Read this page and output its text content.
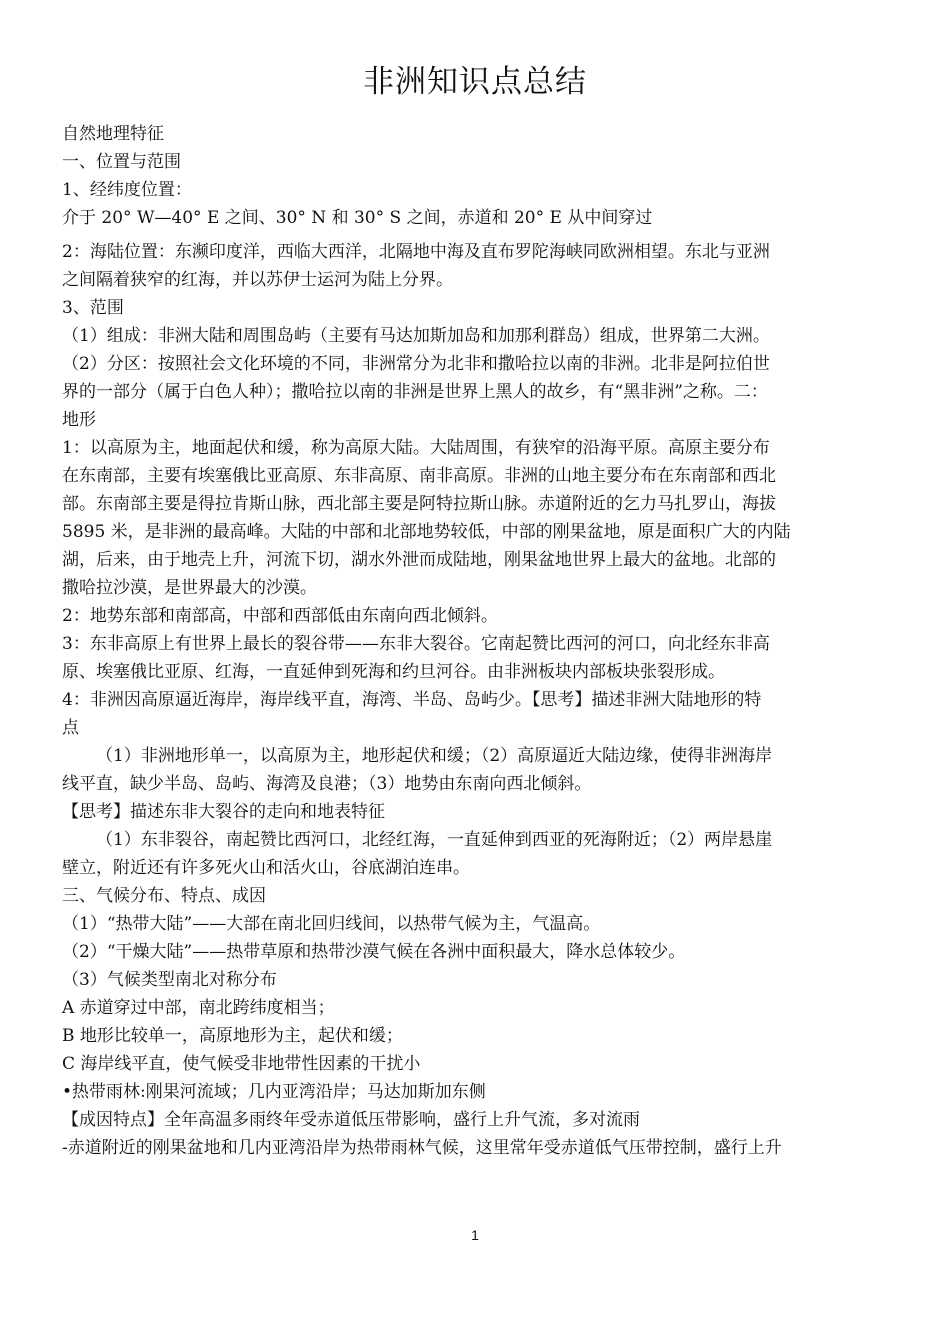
非洲知识点总结
自然地理特征
一、位置与范围
1、经纬度位置：
介于 20° W—40° E 之间、30° N 和 30° S 之间，赤道和 20° E 从中间穿过
2：海陆位置：东濒印度洋，西临大西洋，北隔地中海及直布罗陀海峡同欧洲相望。东北与亚洲
之间隔着狭窄的红海，并以苏伊士运河为陆上分界。
3、范围
（1）组成：非洲大陆和周围岛屿（主要有马达加斯加岛和加那利群岛）组成，世界第二大洲。
（2）分区：按照社会文化环境的不同，非洲常分为北非和撒哈拉以南的非洲。北非是阿拉伯世
界的一部分（属于白色人种）；撒哈拉以南的非洲是世界上黑人的故乡，有“黑非洲”之称。二：
地形
1：以高原为主，地面起伏和缓，称为高原大陆。大陆周围，有狭窄的沿海平原。高原主要分布
在东南部，主要有埃塞俄比亚高原、东非高原、南非高原。非洲的山地主要分布在东南部和西北
部。东南部主要是得拉肯斯山脉，西北部主要是阿特拉斯山脉。赤道附近的乞力马扎罗山，海拔
5895 米，是非洲的最高峰。大陆的中部和北部地势较低，中部的刚果盆地，原是面积广大的内陆
湖，后来，由于地壳上升，河流下切，湖水外泄而成陆地，刚果盆地世界上最大的盆地。北部的
撒哈拉沙漠，是世界最大的沙漠。
2：地势东部和南部高，中部和西部低由东南向西北倾斜。
3：东非高原上有世界上最长的裂谷带——东非大裂谷。它南起赞比西河的河口，向北经东非高
原、埃塞俄比亚原、红海，一直延伸到死海和约旦河谷。由非洲板块内部板块张裂形成。
4：非洲因高原逼近海岸，海岸线平直，海湾、半岛、岛屿少。【思考】描述非洲大陆地形的特
点
（1）非洲地形单一，以高原为主，地形起伏和缓；（2）高原逼近大陆边缘，使得非洲海岸
线平直，缺少半岛、岛屿、海湾及良港；（3）地势由东南向西北倾斜。
【思考】描述东非大裂谷的走向和地表特征
（1）东非裂谷，南起赞比西河口，北经红海，一直延伸到西亚的死海附近；（2）两岸悬崖
壁立，附近还有许多死火山和活火山，谷底湖泊连串。
三、气候分布、特点、成因
（1）“热带大陆”——大部在南北回归线间，以热带气候为主，气温高。
（2）“干燥大陆”——热带草原和热带沙漠气候在各洲中面积最大，降水总体较少。
（3）气候类型南北对称分布
A 赤道穿过中部，南北跨纬度相当；
B 地形比较单一，高原地形为主，起伏和缓；
C 海岸线平直，使气候受非地带性因素的干扰小
•热带雨林:刚果河流域；几内亚湾沿岸；马达加斯加东侧
【成因特点】全年高温多雨终年受赤道低压带影响，盛行上升气流，多对流雨
-赤道附近的刚果盆地和几内亚湾沿岸为热带雨林气候，这里常年受赤道低气压带控制，盛行上升
1
